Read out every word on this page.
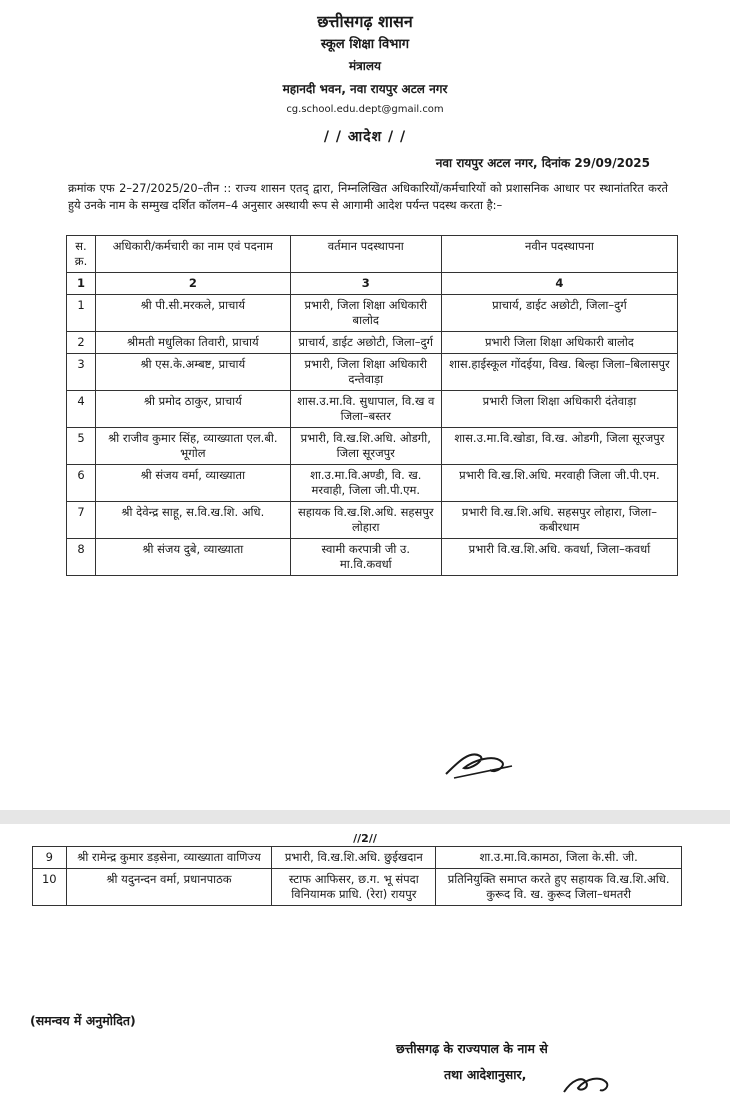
छत्तीसगढ़ शासन
स्कूल शिक्षा विभाग
मंत्रालय
महानदी भवन, नवा रायपुर अटल नगर
cg.school.edu.dept@gmail.com
/ / आदेश / /
नवा रायपुर अटल नगर, दिनांक 29/09/2025
क्रमांक एफ 2–27/2025/20–तीन :: राज्य शासन एतद् द्वारा, निम्नलिखित अधिकारियों/कर्मचारियों को प्रशासनिक आधार पर स्थानांतरित करते हुये उनके नाम के सम्मुख दर्शित कॉलम–4 अनुसार अस्थायी रूप से आगामी आदेश पर्यन्त पदस्थ करता है:–
स. क्र.	अधिकारी/कर्मचारी का नाम एवं पदनाम	वर्तमान पदस्थापना	नवीन पदस्थापना
1	2	3	4
1	श्री पी.सी.मरकले, प्राचार्य	प्रभारी, जिला शिक्षा अधिकारी बालोद	प्राचार्य, डाईट अछोटी, जिला–दुर्ग
2	श्रीमती मधुलिका तिवारी, प्राचार्य	प्राचार्य, डाईट अछोटी, जिला–दुर्ग	प्रभारी जिला शिक्षा अधिकारी बालोद
3	श्री एस.के.अम्बष्ट, प्राचार्य	प्रभारी, जिला शिक्षा अधिकारी दन्तेवाड़ा	शास.हाईस्कूल गोंदईया, विख. बिल्हा जिला–बिलासपुर
4	श्री प्रमोद ठाकुर, प्राचार्य	शास.उ.मा.वि. सुधापाल, वि.ख व जिला–बस्तर	प्रभारी जिला शिक्षा अधिकारी दंतेवाड़ा
5	श्री राजीव कुमार सिंह, व्याख्याता एल.बी. भूगोल	प्रभारी, वि.ख.शि.अधि. ओडगी, जिला सूरजपुर	शास.उ.मा.वि.खोडा, वि.ख. ओडगी, जिला सूरजपुर
6	श्री संजय वर्मा, व्याख्याता	शा.उ.मा.वि.अण्डी, वि. ख. मरवाही, जिला जी.पी.एम.	प्रभारी वि.ख.शि.अधि. मरवाही जिला जी.पी.एम.
7	श्री देवेन्द्र साहू, स.वि.ख.शि. अधि.	सहायक वि.ख.शि.अधि. सहसपुर लोहारा	प्रभारी वि.ख.शि.अधि. सहसपुर लोहारा, जिला–कबीरधाम
8	श्री संजय दुबे, व्याख्याता	स्वामी करपात्री जी उ. मा.वि.कवर्धा	प्रभारी वि.ख.शि.अधि. कवर्धा, जिला–कवर्धा
//2//
9	श्री रामेन्द्र कुमार डड़सेना, व्याख्याता वाणिज्य	प्रभारी, वि.ख.शि.अधि. छुईखदान	शा.उ.मा.वि.कामठा, जिला के.सी. जी.
10	श्री यदुनन्दन वर्मा, प्रधानपाठक	स्टाफ आफिसर, छ.ग. भू संपदा विनियामक प्राधि. (रेरा) रायपुर	प्रतिनियुक्ति समाप्त करते हुए सहायक वि.ख.शि.अधि. कुरूद वि. ख. कुरूद जिला–धमतरी
(समन्वय में अनुमोदित)
छत्तीसगढ़ के राज्यपाल के नाम से
तथा आदेशानुसार,
